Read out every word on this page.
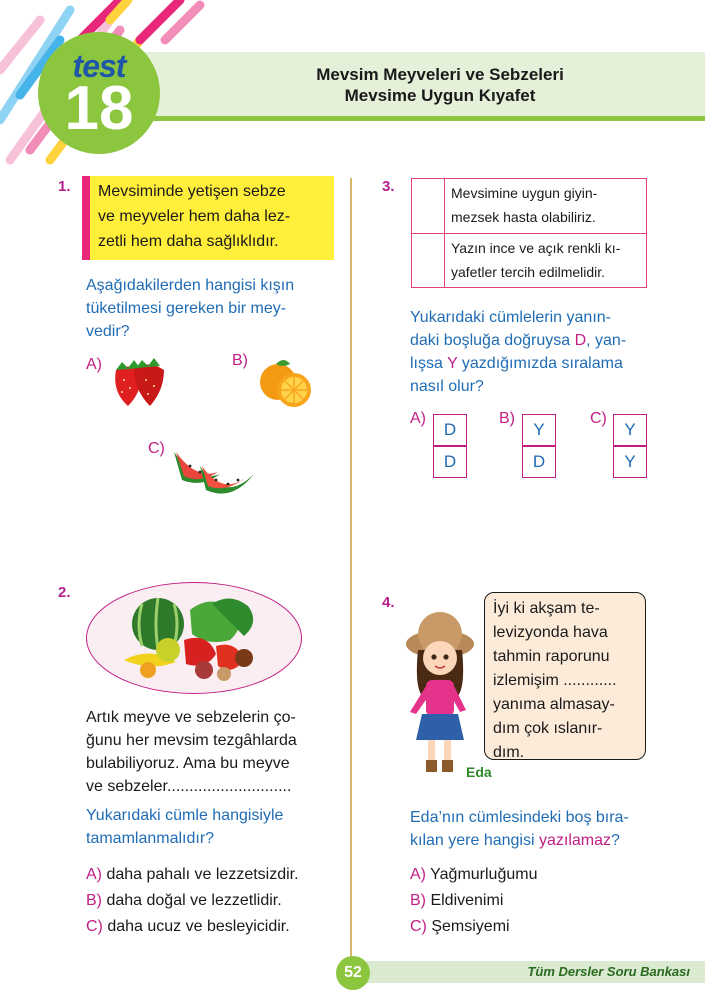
Mevsim Meyveleri ve Sebzeleri
Mevsime Uygun Kıyafet
test
18
1. Mevsiminde yetişen sebze
ve meyveler hem daha lez-
zetli hem daha sağlıklıdır.
Aşağıdakilerden hangisi kışın
tüketilmesi gereken bir mey-
vedir?
A)	B)
C)
2.
Artık meyve ve sebzelerin ço-
ğunu her mevsim tezgâhlarda
bulabiliyoruz. Ama bu meyve
ve sebzeler............................
Yukarıdaki cümle hangisiyle
tamamlanmalıdır?
A) daha pahalı ve lezzetsizdir.
B) daha doğal ve lezzetlidir.
C) daha ucuz ve besleyicidir.
3.	Mevsimine uygun giyin-
mezsek hasta olabiliriz.
Yazın ince ve açık renkli kı-
yafetler tercih edilmelidir.
Yukarıdaki cümlelerin yanın-
daki boşluğa doğruysa D, yan-
lışsa Y yazdığımızda sıralama
nasıl olur?
A)
D
D
B)
Y
D
C)
Y
Y
4.
Eda
İyi ki akşam te-
levizyonda hava
tahmin raporunu
izlemişim ............
yanıma almasay-
dım çok ıslanır-
dım.
Eda’nın cümlesindeki boş bıra-
kılan yere hangisi yazılamaz?
A) Yağmurluğumu
B) Eldivenimi
C) Şemsiyemi
52	Tüm Dersler Soru Bankası
